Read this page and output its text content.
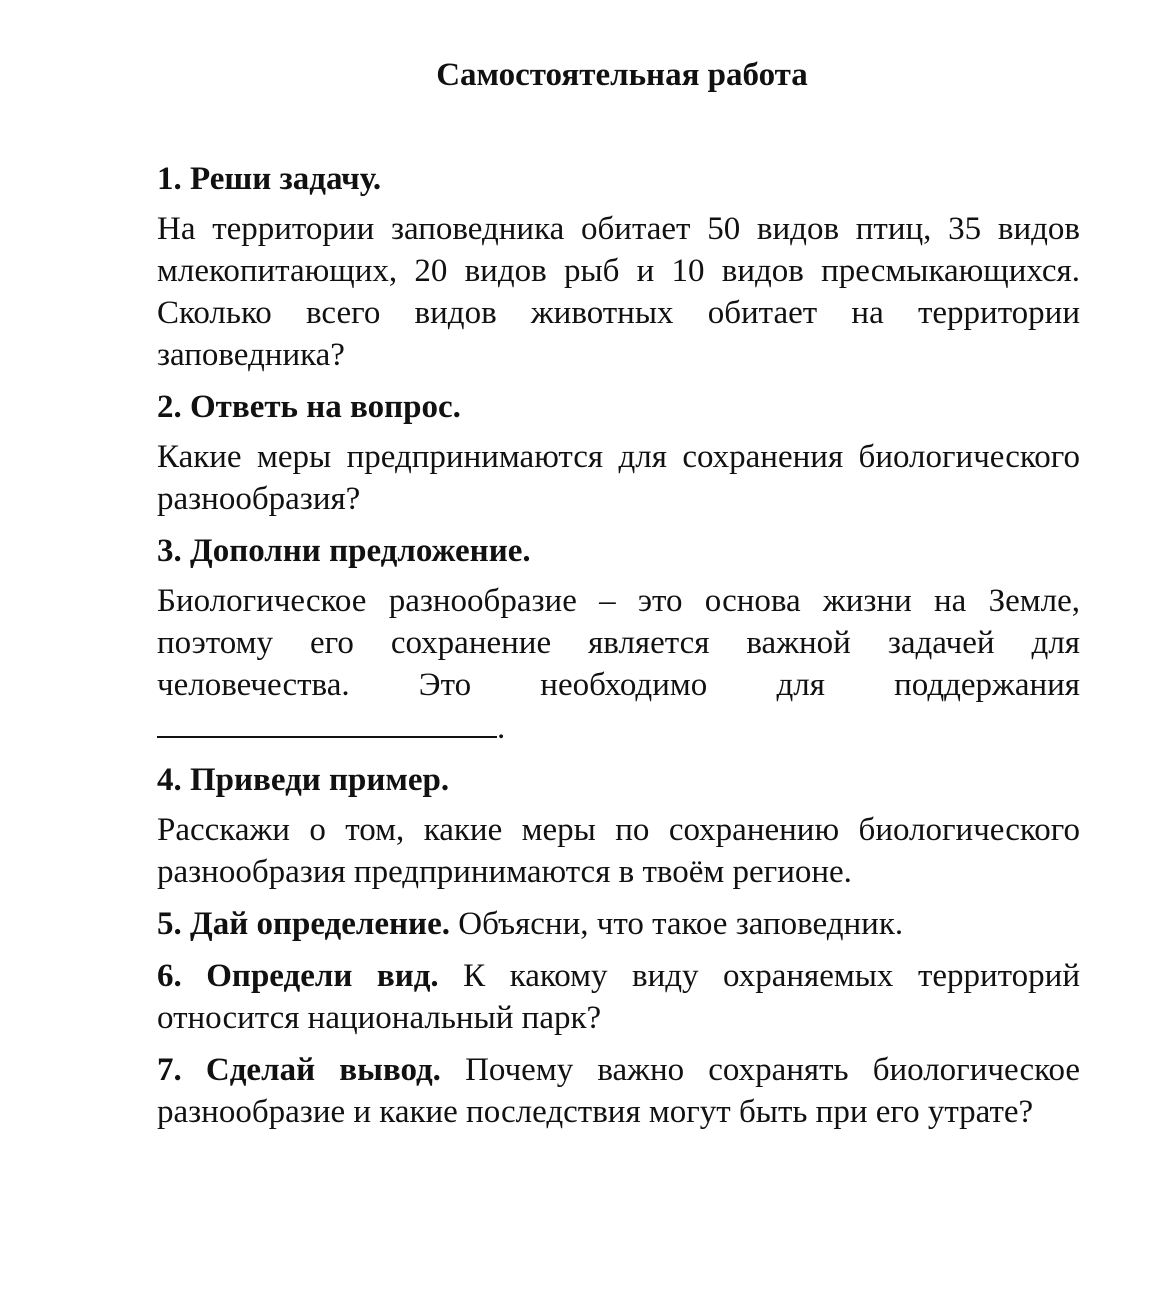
Самостоятельная работа

1. Реши задачу.

На территории заповедника обитает 50 видов птиц, 35 видов млекопитающих, 20 видов рыб и 10 видов пресмыкающихся. Сколько всего видов животных обитает на территории заповедника?

2. Ответь на вопрос.

Какие меры предпринимаются для сохранения биологического разнообразия?

3. Дополни предложение.

Биологическое разнообразие – это основа жизни на Земле, поэтому его сохранение является важной задачей для человечества. Это необходимо для поддержания.

4. Приведи пример.

Расскажи о том, какие меры по сохранению биологического разнообразия предпринимаются в твоём регионе.

5. Дай определение. Объясни, что такое заповедник.

6. Определи вид. К какому виду охраняемых территорий относится национальный парк?

7. Сделай вывод. Почему важно сохранять биологическое разнообразие и какие последствия могут быть при его утрате?
